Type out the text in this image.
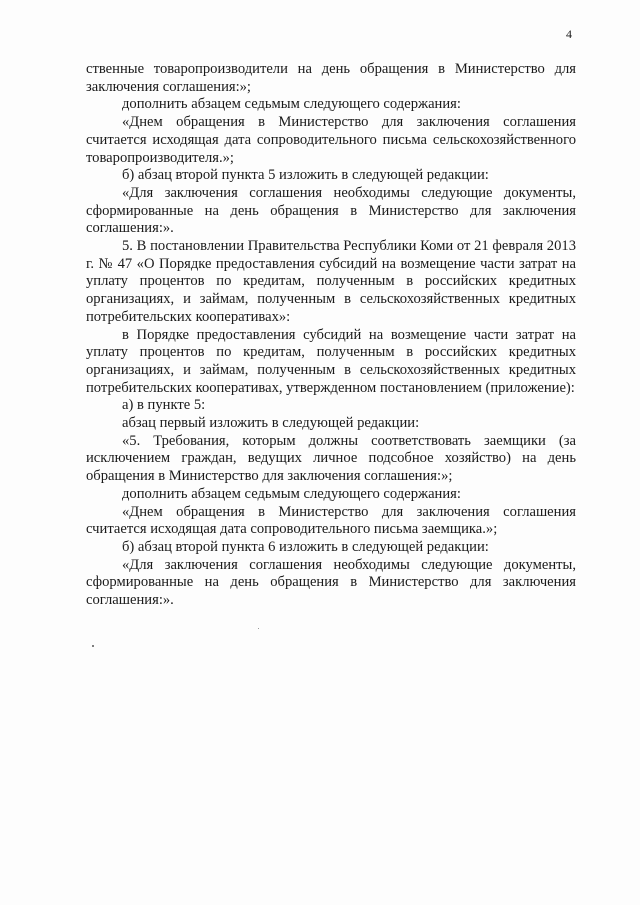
4

ственные товаропроизводители на день обращения в Министерство для заключения соглашения:»;

дополнить абзацем седьмым следующего содержания:

«Днем обращения в Министерство для заключения соглашения считается исходящая дата сопроводительного письма сельскохозяйственного товаропроизводителя.»;

б) абзац второй пункта 5 изложить в следующей редакции:

«Для заключения соглашения необходимы следующие документы, сформированные на день обращения в Министерство для заключения соглашения:».

5. В постановлении Правительства Республики Коми от 21 февраля 2013 г. № 47 «О Порядке предоставления субсидий на возмещение части затрат на уплату процентов по кредитам, полученным в российских кредитных организациях, и займам, полученным в сельскохозяйственных кредитных потребительских кооперативах»:

в Порядке предоставления субсидий на возмещение части затрат на уплату процентов по кредитам, полученным в российских кредитных организациях, и займам, полученным в сельскохозяйственных кредитных потребительских кооперативах, утвержденном постановлением (приложение):

а) в пункте 5:

абзац первый изложить в следующей редакции:

«5. Требования, которым должны соответствовать заемщики (за исключением граждан, ведущих личное подсобное хозяйство) на день обращения в Министерство для заключения соглашения:»;

дополнить абзацем седьмым следующего содержания:

«Днем обращения в Министерство для заключения соглашения считается исходящая дата сопроводительного письма заемщика.»;

б) абзац второй пункта 6 изложить в следующей редакции:

«Для заключения соглашения необходимы следующие документы, сформированные на день обращения в Министерство для заключения соглашения:».
